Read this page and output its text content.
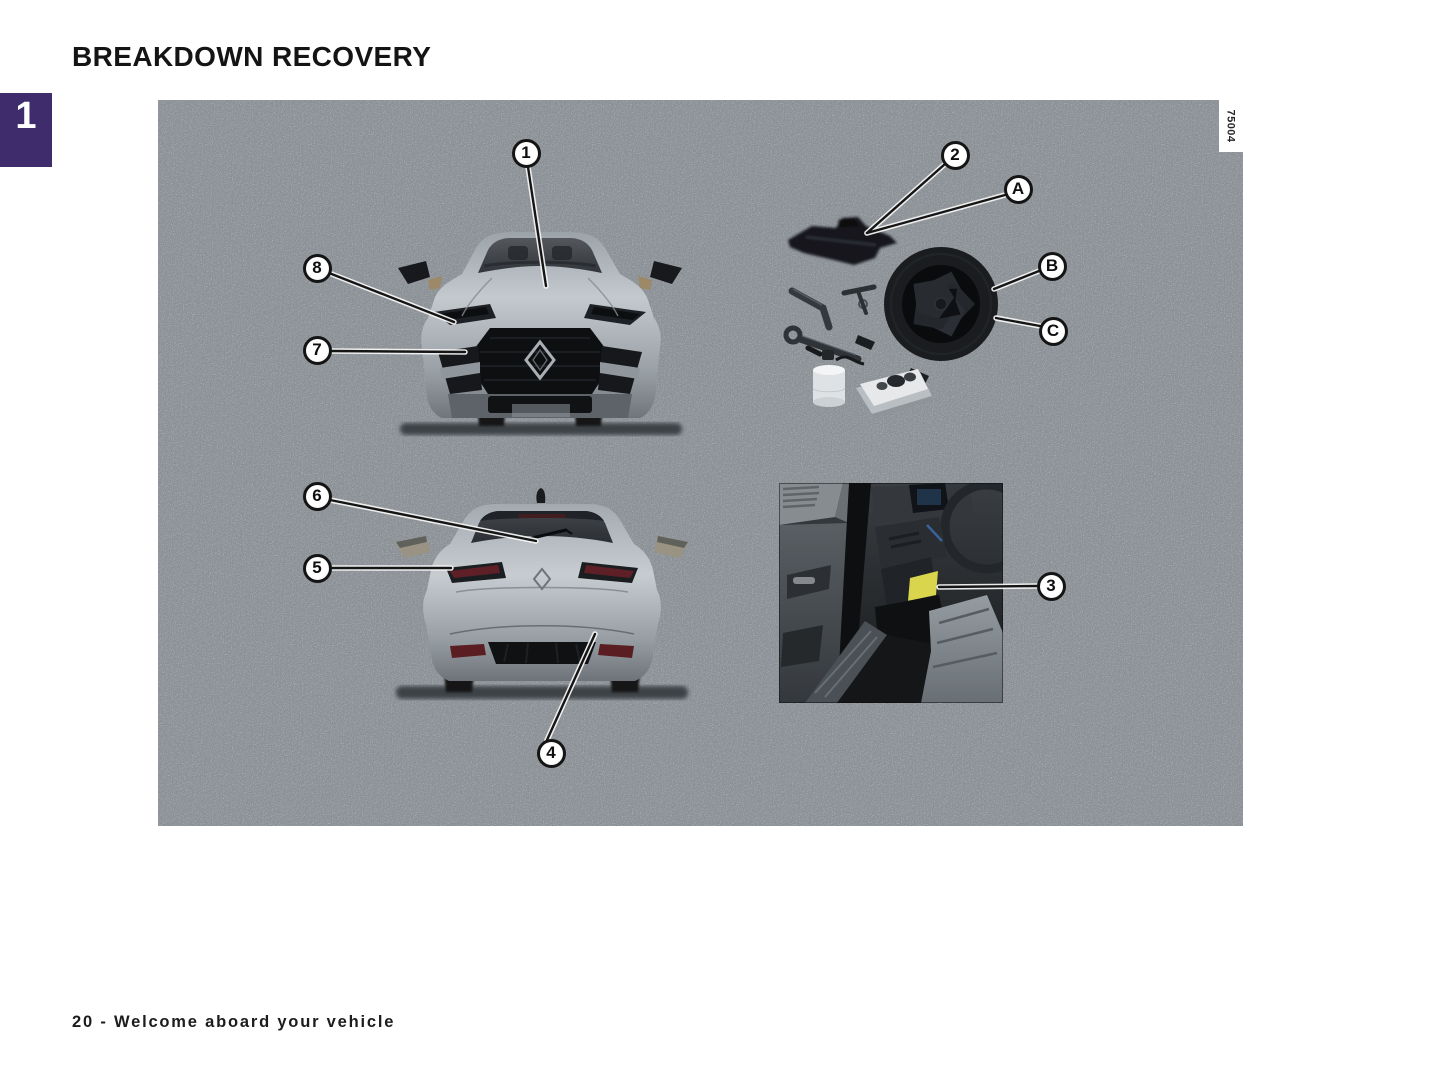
BREAKDOWN RECOVERY
1
1
8
7
2
A
B
C
6
5
4
3
75004
20 - Welcome aboard your vehicle
